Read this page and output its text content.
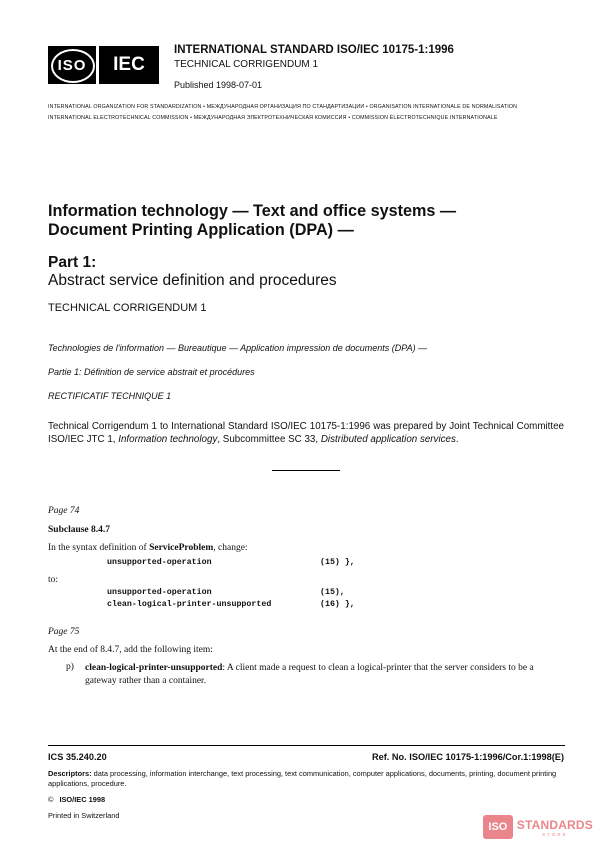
ISO	IEC
INTERNATIONAL STANDARD ISO/IEC 10175-1:1996
TECHNICAL CORRIGENDUM 1
Published 1998-07-01
INTERNATIONAL ORGANIZATION FOR STANDARDIZATION • МЕЖДУНАРОДНАЯ ОРГАНИЗАЦИЯ ПО СТАНДАРТИЗАЦИИ • ORGANISATION INTERNATIONALE DE NORMALISATION
INTERNATIONAL ELECTROTECHNICAL COMMISSION • МЕЖДУНАРОДНАЯ ЭЛЕКТРОТЕХНИЧЕСКАЯ КОМИССИЯ • COMMISSION ÉLECTROTECHNIQUE INTERNATIONALE
Information technology — Text and office systems —
Document Printing Application (DPA) —
Part 1:
Abstract service definition and procedures
TECHNICAL CORRIGENDUM 1
Technologies de l'information — Bureautique — Application impression de documents (DPA) —
Partie 1: Définition de service abstrait et procédures
RECTIFICATIF TECHNIQUE 1
Technical Corrigendum 1 to International Standard ISO/IEC 10175-1:1996 was prepared by Joint Technical Committee ISO/IEC JTC 1, Information technology, Subcommittee SC 33, Distributed application services.
Page 74
Subclause 8.4.7
In the syntax definition of ServiceProblem, change:
unsupported-operation	(15) },
to:
unsupported-operation	(15),
clean-logical-printer-unsupported	(16) },
Page 75
At the end of 8.4.7, add the following item:
p) clean-logical-printer-unsupported: A client made a request to clean a logical-printer that the server considers to be a gateway rather than a container.
ICS 35.240.20	Ref. No. ISO/IEC 10175-1:1996/Cor.1:1998(E)
Descriptors: data processing, information interchange, text processing, text communication, computer applications, documents, printing, document printing applications, procedure.
© ISO/IEC 1998
Printed in Switzerland
ISO STANDARDS
STORE
